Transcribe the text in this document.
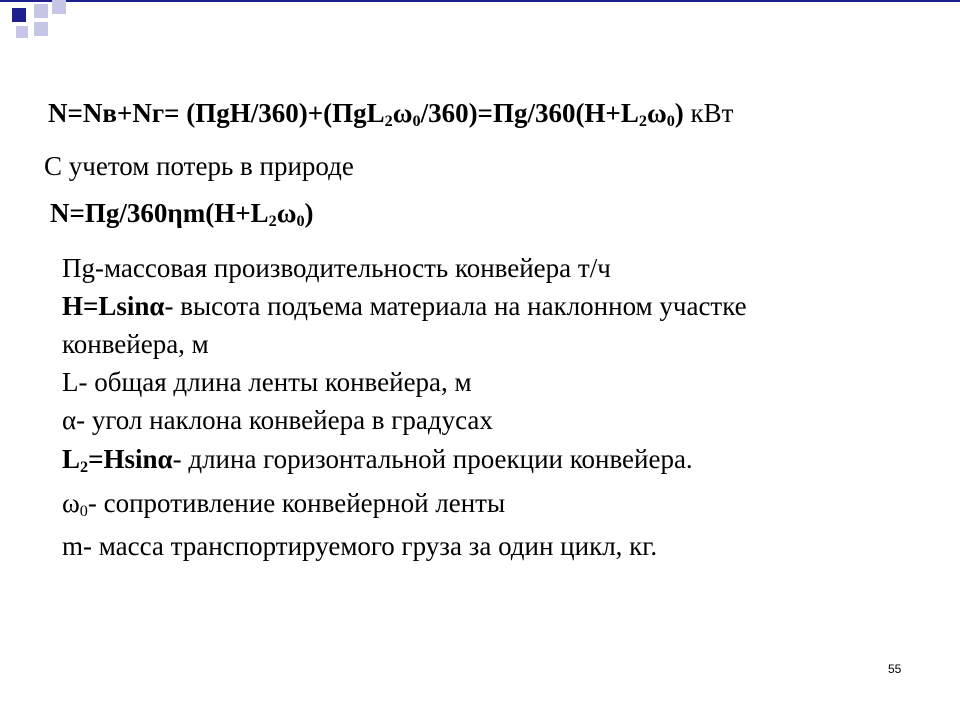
$N=Nв+Nг= (ПgH/360)+(ПgL_2\omega_0/360)=Пg/360(H+L_2\omega_0)$ кВт
С учетом потерь в природе
$N=Пg/360\eta m(H+L_2\omega_0)$
Пg-массовая производительность конвейера т/ч
H=Lsinα- высота подъема материала на наклонном участке
конвейера, м
L- общая длина ленты конвейера, м
α- угол наклона конвейера в градусах
$L_2=Hsin\alpha-$ длина горизонтальной проекции конвейера.
$\omega_0-$ сопротивление конвейерной ленты
m- масса транспортируемого груза за один цикл, кг.
55
